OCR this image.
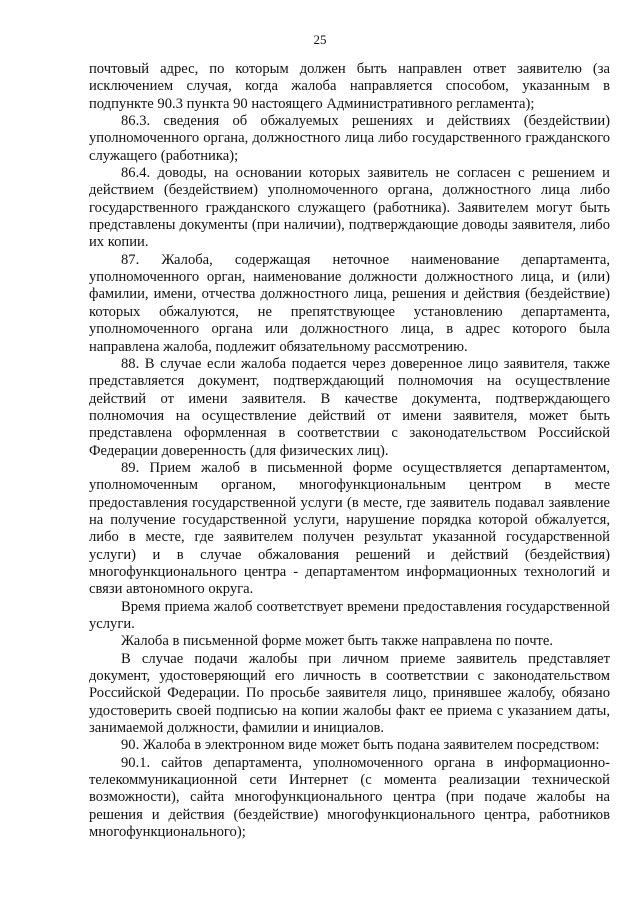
25

почтовый адрес, по которым должен быть направлен ответ заявителю (за исключением случая, когда жалоба направляется способом, указанным в подпункте 90.3 пункта 90 настоящего Административного регламента);

86.3. сведения об обжалуемых решениях и действиях (бездействии) уполномоченного органа, должностного лица либо государственного гражданского служащего (работника);

86.4. доводы, на основании которых заявитель не согласен с решением и действием (бездействием) уполномоченного органа, должностного лица либо государственного гражданского служащего (работника). Заявителем могут быть представлены документы (при наличии), подтверждающие доводы заявителя, либо их копии.

87. Жалоба, содержащая неточное наименование департамента, уполномоченного орган, наименование должности должностного лица, и (или) фамилии, имени, отчества должностного лица, решения и действия (бездействие) которых обжалуются, не препятствующее установлению департамента, уполномоченного органа или должностного лица, в адрес которого была направлена жалоба, подлежит обязательному рассмотрению.

88. В случае если жалоба подается через доверенное лицо заявителя, также представляется документ, подтверждающий полномочия на осуществление действий от имени заявителя. В качестве документа, подтверждающего полномочия на осуществление действий от имени заявителя, может быть представлена оформленная в соответствии с законодательством Российской Федерации доверенность (для физических лиц).

89. Прием жалоб в письменной форме осуществляется департаментом, уполномоченным органом, многофункциональным центром в месте предоставления государственной услуги (в месте, где заявитель подавал заявление на получение государственной услуги, нарушение порядка которой обжалуется, либо в месте, где заявителем получен результат указанной государственной услуги) и в случае обжалования решений и действий (бездействия) многофункционального центра - департаментом информационных технологий и связи автономного округа.

Время приема жалоб соответствует времени предоставления государственной услуги.

Жалоба в письменной форме может быть также направлена по почте.

В случае подачи жалобы при личном приеме заявитель представляет документ, удостоверяющий его личность в соответствии с законодательством Российской Федерации. По просьбе заявителя лицо, принявшее жалобу, обязано удостоверить своей подписью на копии жалобы факт ее приема с указанием даты, занимаемой должности, фамилии и инициалов.

90. Жалоба в электронном виде может быть подана заявителем посредством:

90.1. сайтов департамента, уполномоченного органа в информационно-телекоммуникационной сети Интернет (с момента реализации технической возможности), сайта многофункционального центра (при подаче жалобы на решения и действия (бездействие) многофункционального центра, работников многофункционального);
